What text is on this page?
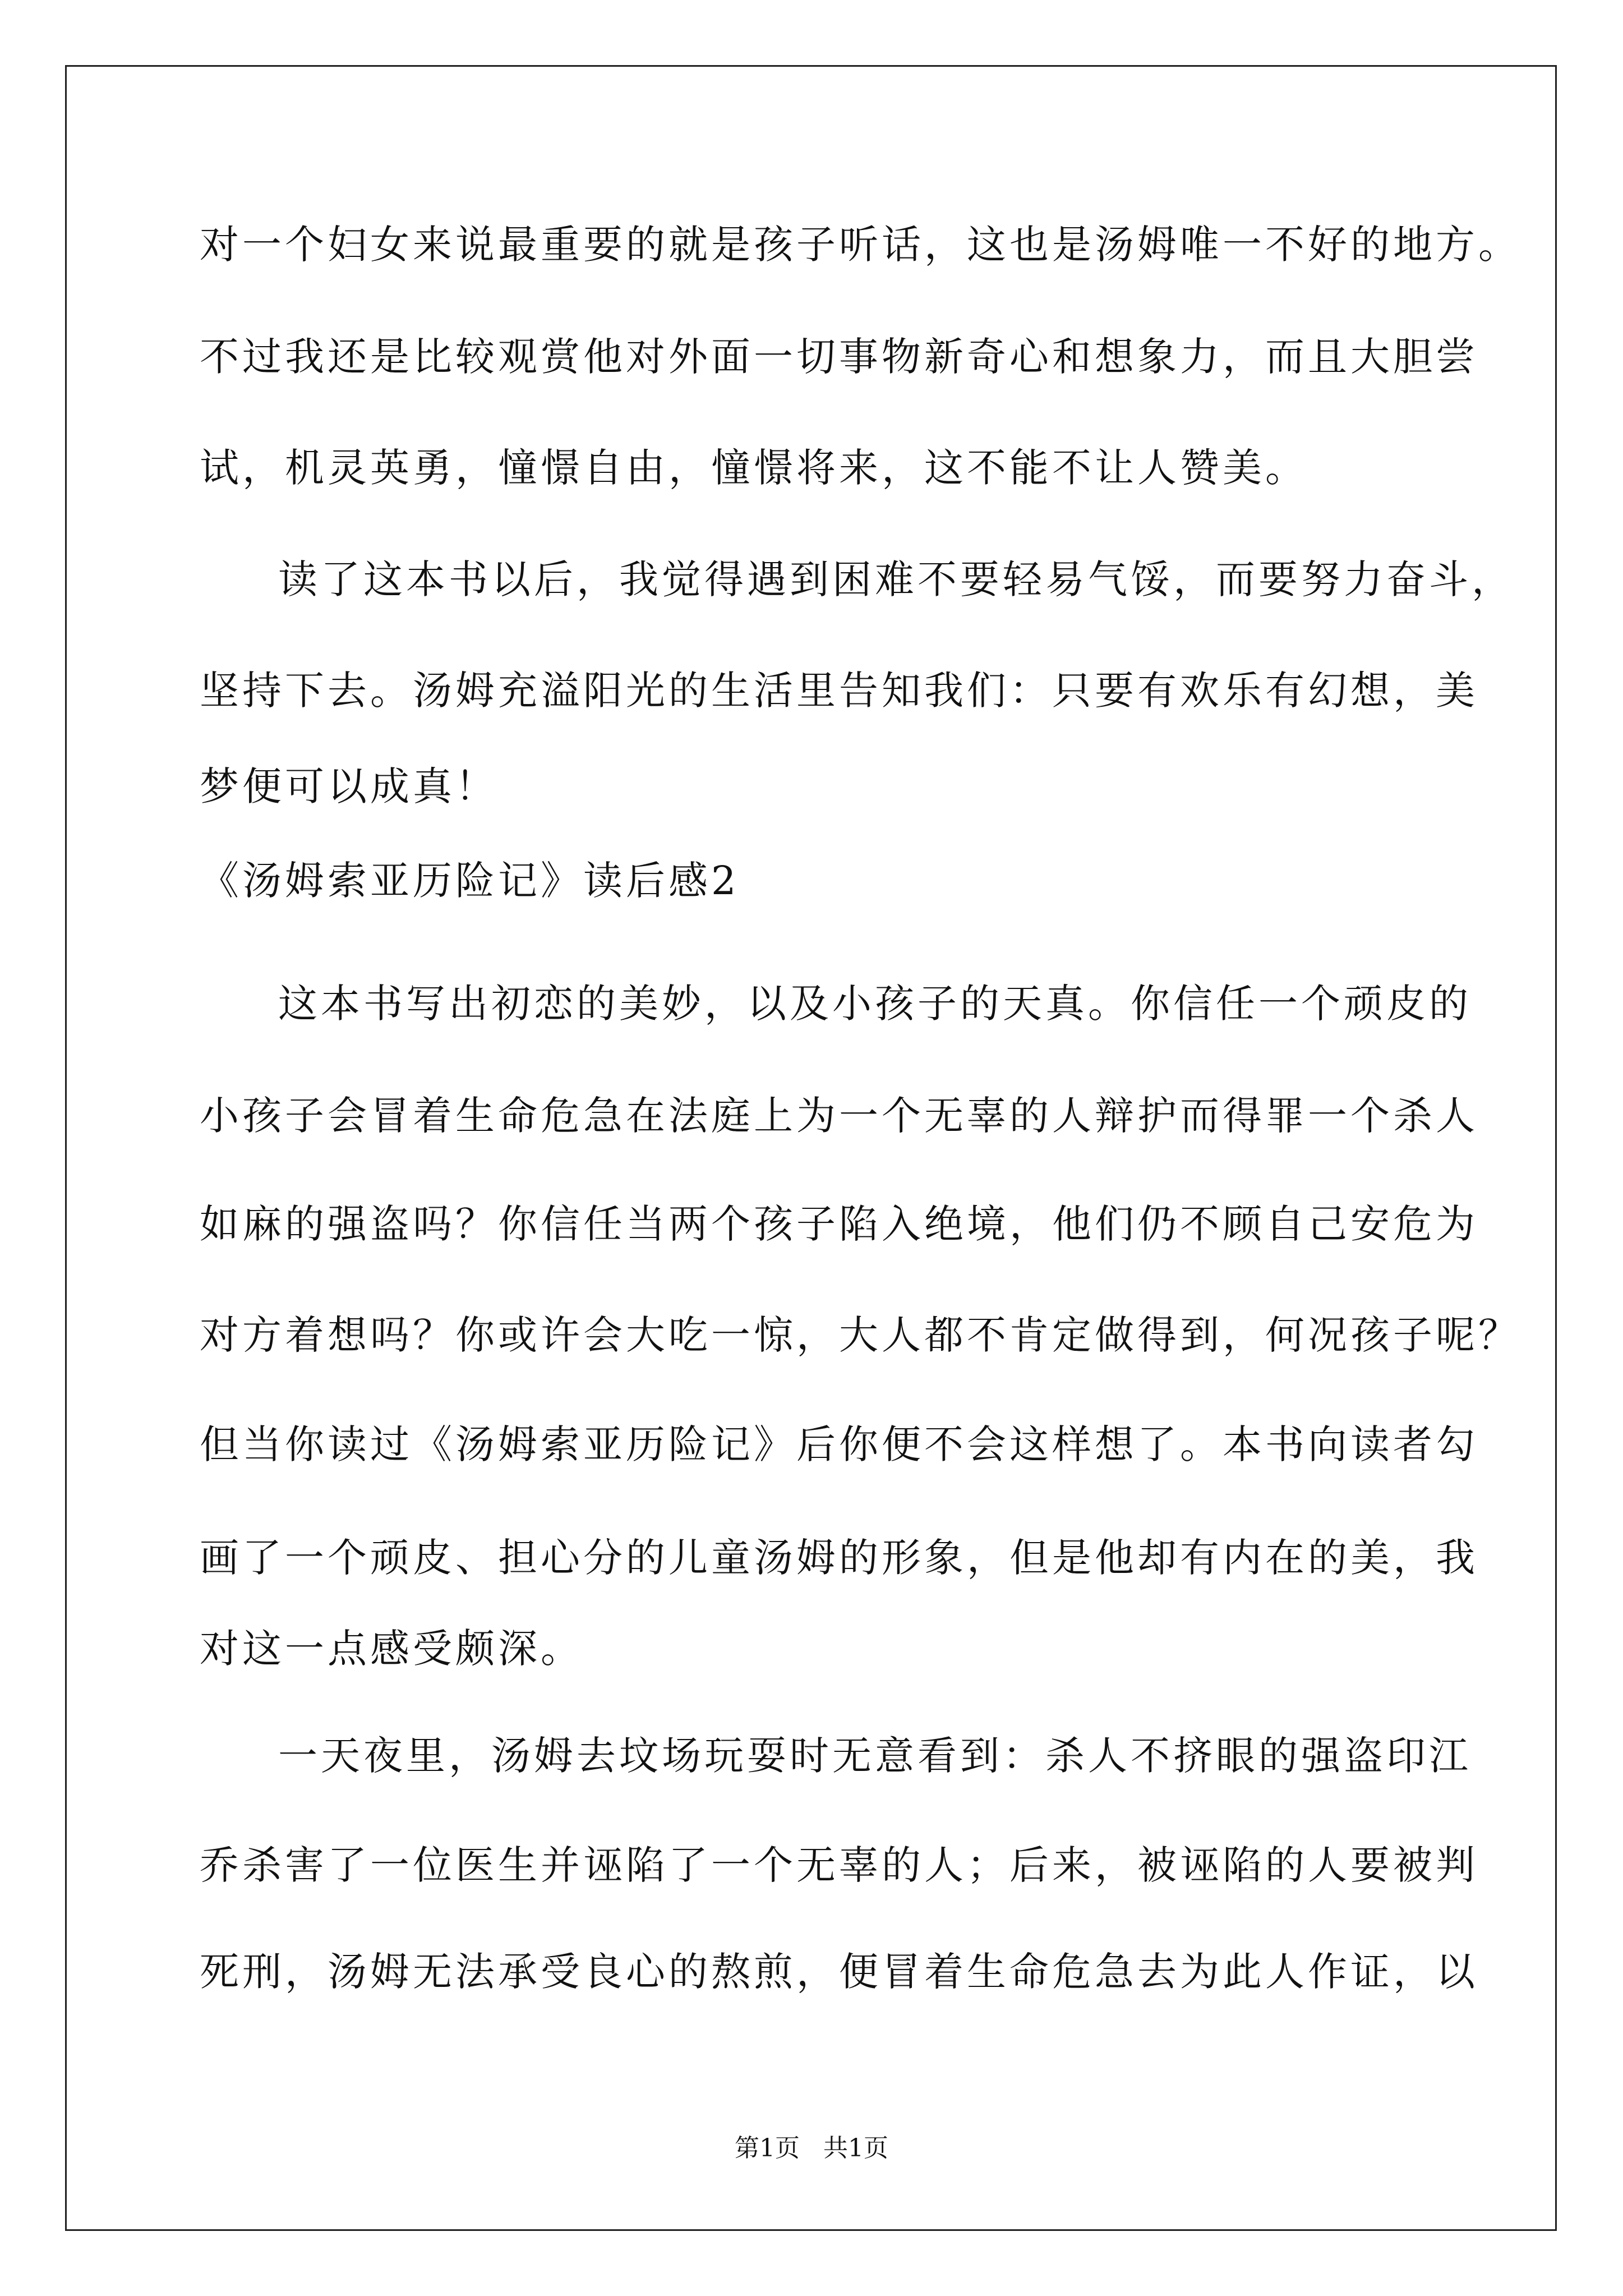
对一个妇女来说最重要的就是孩子听话，这也是汤姆唯一不好的地方。
不过我还是比较观赏他对外面一切事物新奇心和想象力，而且大胆尝
试，机灵英勇，憧憬自由，憧憬将来，这不能不让人赞美。
读了这本书以后，我觉得遇到困难不要轻易气馁，而要努力奋斗，
坚持下去。汤姆充溢阳光的生活里告知我们：只要有欢乐有幻想，美
梦便可以成真！
《汤姆索亚历险记》读后感2
这本书写出初恋的美妙，以及小孩子的天真。你信任一个顽皮的
小孩子会冒着生命危急在法庭上为一个无辜的人辩护而得罪一个杀人
如麻的强盗吗？你信任当两个孩子陷入绝境，他们仍不顾自己安危为
对方着想吗？你或许会大吃一惊，大人都不肯定做得到，何况孩子呢？
但当你读过《汤姆索亚历险记》后你便不会这样想了。本书向读者勾
画了一个顽皮、担心分的儿童汤姆的形象，但是他却有内在的美，我
对这一点感受颇深。
一天夜里，汤姆去坟场玩耍时无意看到：杀人不挤眼的强盗印江
乔杀害了一位医生并诬陷了一个无辜的人；后来，被诬陷的人要被判
死刑，汤姆无法承受良心的熬煎，便冒着生命危急去为此人作证，以
第1页   共1页
